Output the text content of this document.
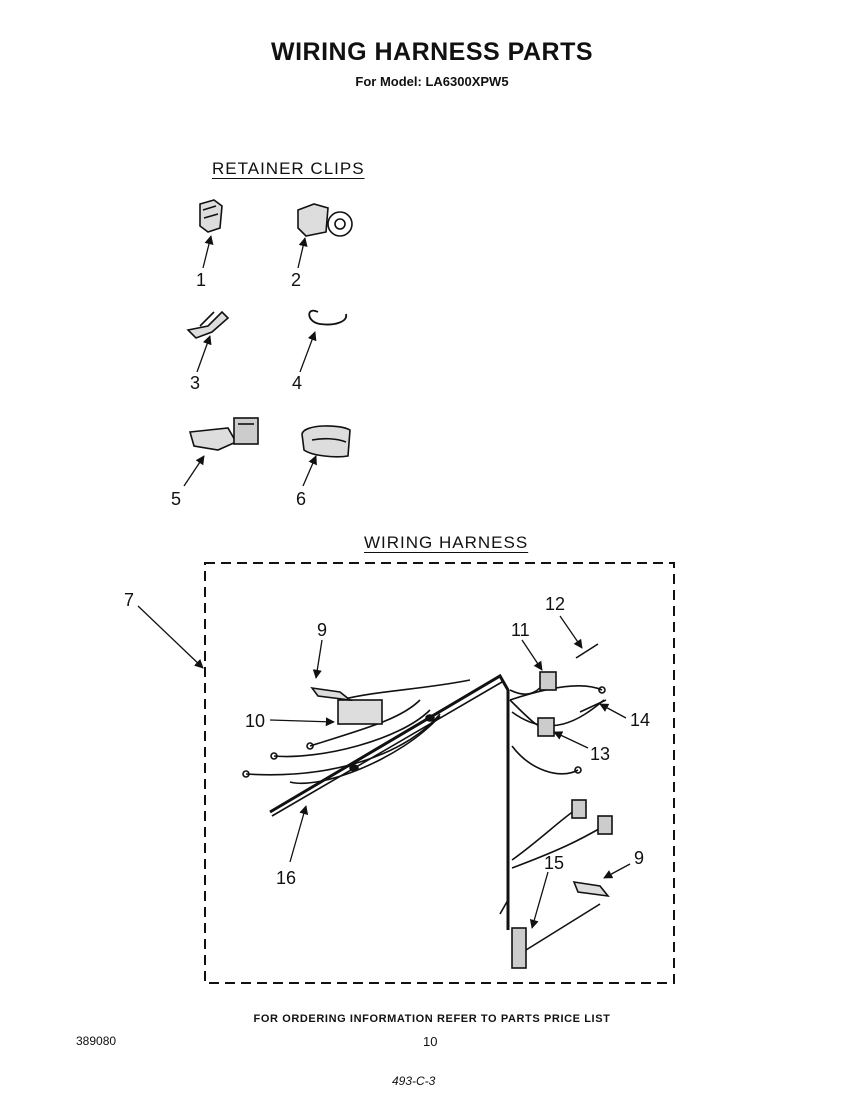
WIRING HARNESS PARTS
For Model: LA6300XPW5
RETAINER CLIPS
WIRING HARNESS
1	2
3	4
5	6
7
9
10
11
12
13
14
15	9
16
FOR ORDERING INFORMATION REFER TO PARTS PRICE LIST
389080	10
493-C-3
